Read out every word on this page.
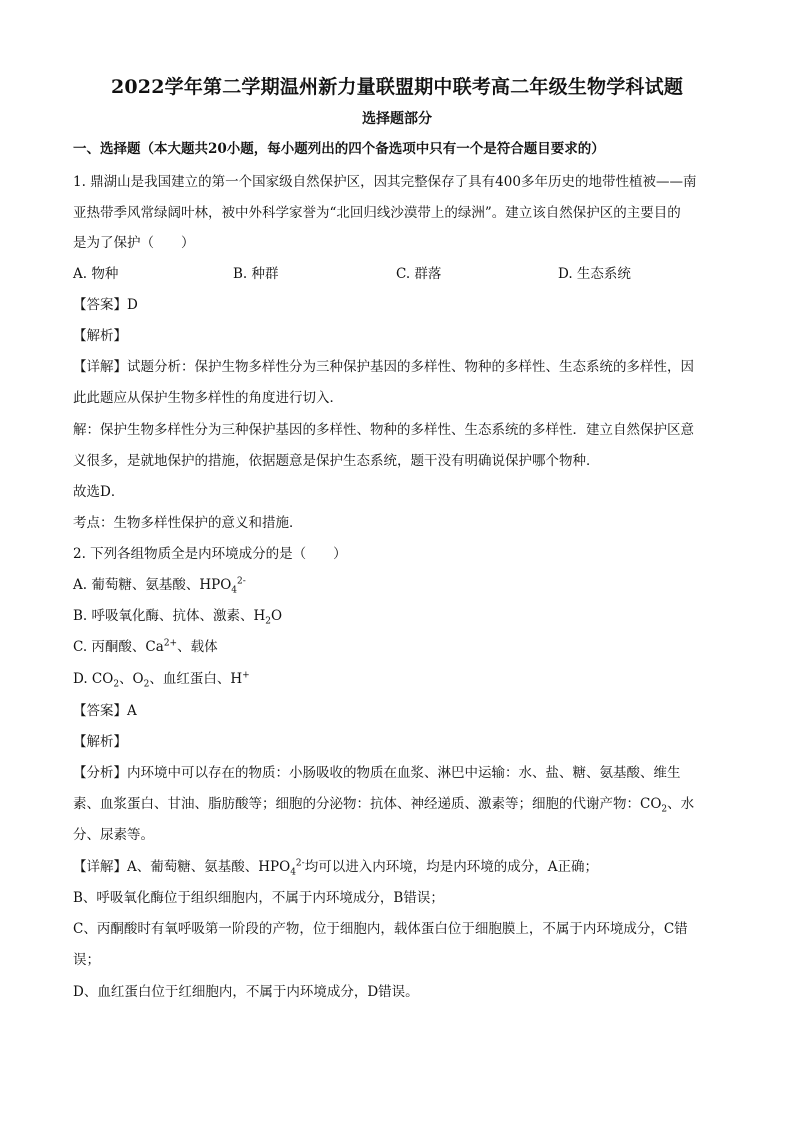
2022学年第二学期温州新力量联盟期中联考高二年级生物学科试题
选择题部分
一、选择题（本大题共20小题，每小题列出的四个备选项中只有一个是符合题目要求的）
1. 鼎湖山是我国建立的第一个国家级自然保护区，因其完整保存了具有400多年历史的地带性植被——南
亚热带季风常绿阔叶林，被中外科学家誉为“北回归线沙漠带上的绿洲”。建立该自然保护区的主要目的
是为了保护（　　）
A. 物种	B. 种群	C. 群落	D. 生态系统
【答案】D
【解析】
【详解】试题分析：保护生物多样性分为三种保护基因的多样性、物种的多样性、生态系统的多样性，因
此此题应从保护生物多样性的角度进行切入．
解：保护生物多样性分为三种保护基因的多样性、物种的多样性、生态系统的多样性．建立自然保护区意
义很多，是就地保护的措施，依据题意是保护生态系统，题干没有明确说保护哪个物种．
故选D．
考点：生物多样性保护的意义和措施．
2. 下列各组物质全是内环境成分的是（　　）
A. 葡萄糖、氨基酸、$HPO_4^{2-}$
B. 呼吸氧化酶、抗体、激素、$H_2O$
C. 丙酮酸、$Ca^{2+}$、载体
D. $CO_2$、$O_2$、血红蛋白、H+
【答案】A
【解析】
【分析】内环境中可以存在的物质：小肠吸收的物质在血浆、淋巴中运输：水、盐、糖、氨基酸、维生
素、血浆蛋白、甘油、脂肪酸等；细胞的分泌物：抗体、神经递质、激素等；细胞的代谢产物：$CO_2$、水
分、尿素等。
【详解】A、葡萄糖、氨基酸、$HPO_4^{2-}$均可以进入内环境，均是内环境的成分，A正确；
B、呼吸氧化酶位于组织细胞内，不属于内环境成分，B错误；
C、丙酮酸时有氧呼吸第一阶段的产物，位于细胞内，载体蛋白位于细胞膜上，不属于内环境成分，C错
误；
D、血红蛋白位于红细胞内，不属于内环境成分，D错误。
